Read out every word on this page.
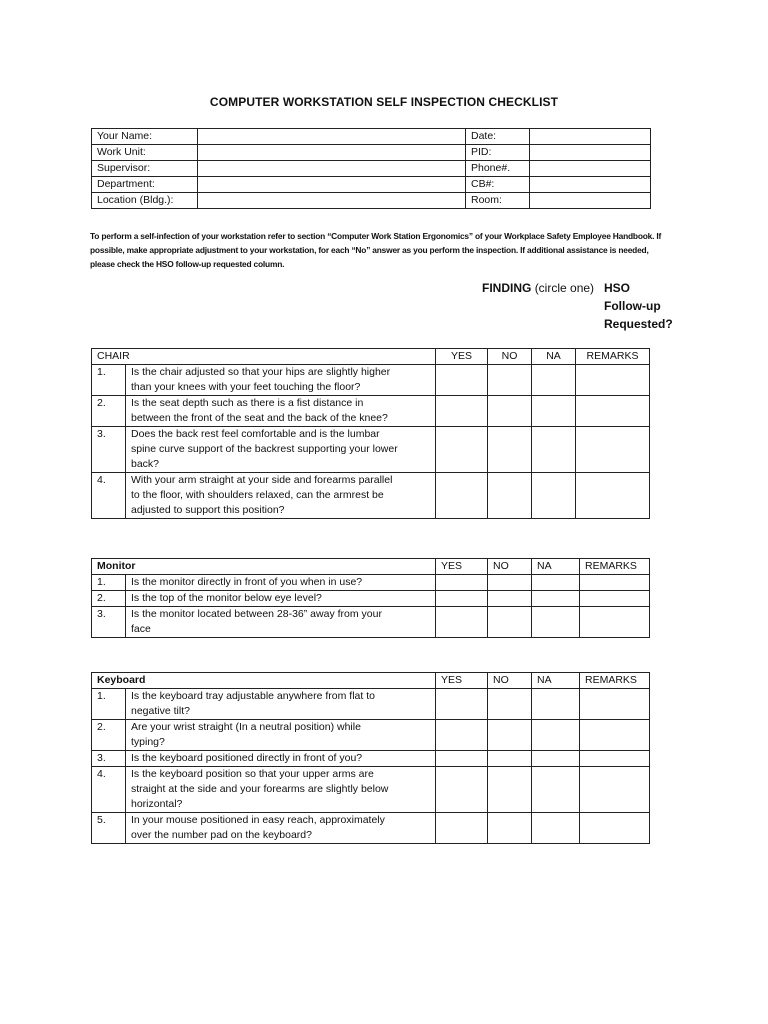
COMPUTER WORKSTATION SELF INSPECTION CHECKLIST
Your Name:		Date:	
Work Unit:		PID:	
Supervisor:		Phone#.	
Department:		CB#:	
Location (Bldg.):		Room:	
To perform a self-infection of your workstation refer to section “Computer Work Station Ergonomics” of your Workplace Safety Employee Handbook. If possible, make appropriate adjustment to your workstation, for each “No” answer as you perform the inspection. If additional assistance is needed, please check the HSO follow-up requested column.
FINDING (circle one) HSO
Follow-up
Requested?
CHAIR		YES	NO	NA	REMARKS
1.	Is the chair adjusted so that your hips are slightly higher
than your knees with your feet touching the floor?				

2.	Is the seat depth such as there is a fist distance in
between the front of the seat and the back of the knee?				

3.	Does the back rest feel comfortable and is the lumbar
spine curve support of the backrest supporting your lower
back?				

4.	With your arm straight at your side and forearms parallel
to the floor, with shoulders relaxed, can the armrest be
adjusted to support this position?				

Monitor		YES	NO	NA	REMARKS
1.	Is the monitor directly in front of you when in use?				

2.	Is the top of the monitor below eye level?				

3.	Is the monitor located between 28-36” away from your
face				

Keyboard		YES	NO	NA	REMARKS
1.	Is the keyboard tray adjustable anywhere from flat to
negative tilt?				

2.	Are your wrist straight (In a neutral position) while
typing?				

3.	Is the keyboard positioned directly in front of you?				

4.	Is the keyboard position so that your upper arms are
straight at the side and your forearms are slightly below
horizontal?				

5.	In your mouse positioned in easy reach, approximately
over the number pad on the keyboard?				
